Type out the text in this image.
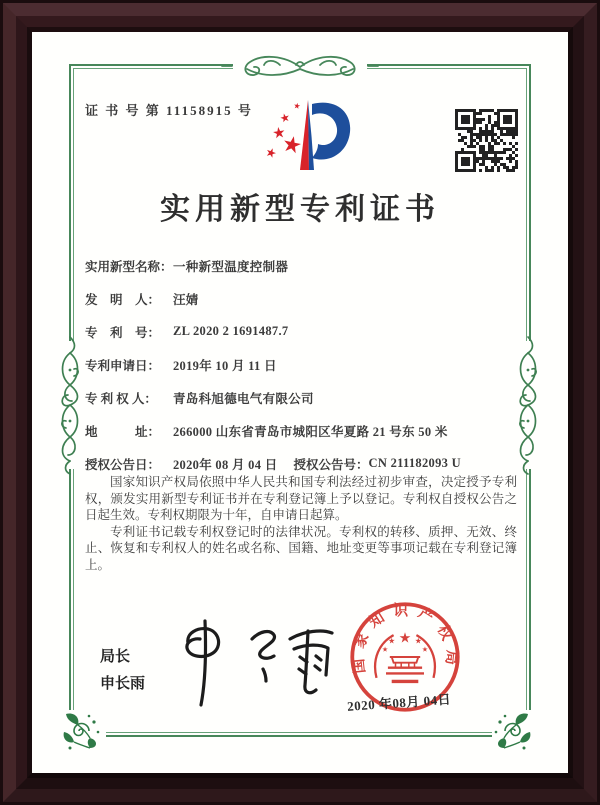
证 书 号 第 11158915 号
实用新型专利证书
实用新型名称： 一种新型温度控制器
发　明　人：	汪婧
专　利　号：	ZL 2020 2 1691487.7
专利申请日：	2019年 10 月 11 日
专 利 权 人：	青岛科旭德电气有限公司
地　　　址：	266000 山东省青岛市城阳区华夏路 21 号东 50 米
授权公告日：	2020年 08 月 04 日 授权公告号： CN 211182093 U

国家知识产权局依照中华人民共和国专利法经过初步审查，决定授予专利权，颁发实用新型专利证书并在专利登记簿上予以登记。专利权自授权公告之日起生效。专利权期限为十年，自申请日起算。

专利证书记载专利权登记时的法律状况。专利权的转移、质押、无效、终止、恢复和专利权人的姓名或名称、国籍、地址变更等事项记载在专利登记簿上。

局长
申长雨
国家知识产权局
2020 年08月 04日
